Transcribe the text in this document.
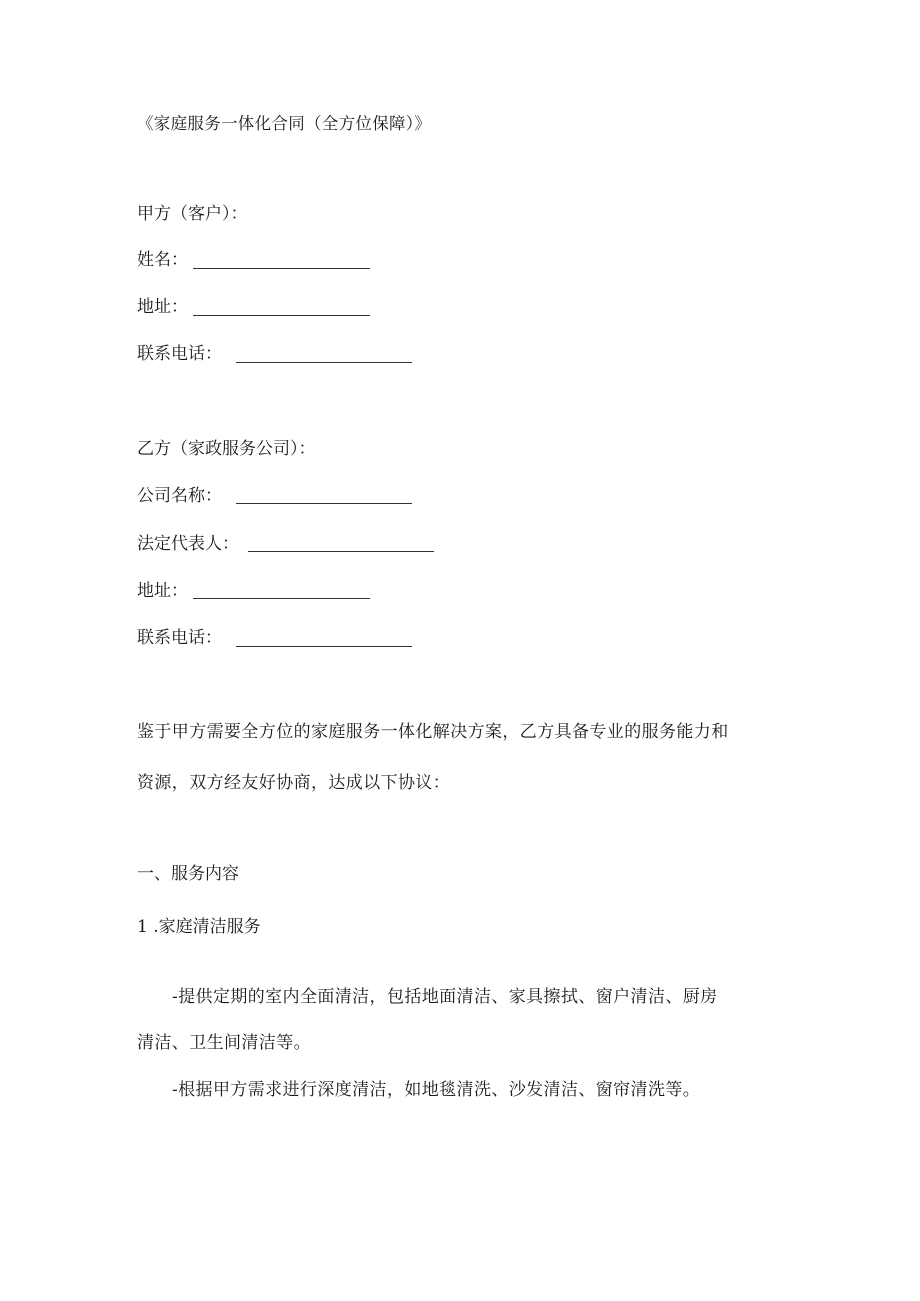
《家庭服务一体化合同（全方位保障）》
甲方（客户）：
姓名：
地址：
联系电话：
乙方（家政服务公司）：
公司名称：
法定代表人：
地址：
联系电话：
鉴于甲方需要全方位的家庭服务一体化解决方案，乙方具备专业的服务能力和
资源，双方经友好协商，达成以下协议：
一、服务内容
1 .家庭清洁服务
-提供定期的室内全面清洁，包括地面清洁、家具擦拭、窗户清洁、厨房
清洁、卫生间清洁等。
-根据甲方需求进行深度清洁，如地毯清洗、沙发清洁、窗帘清洗等。
